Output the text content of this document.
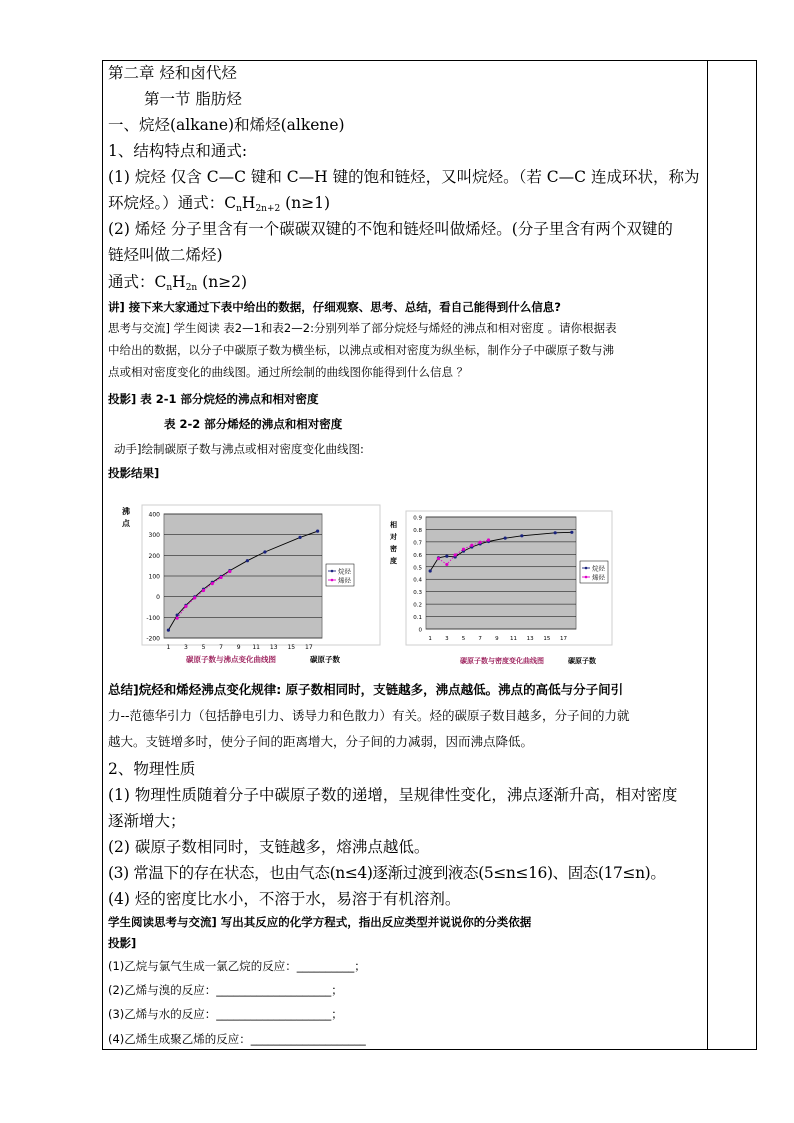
第二章 烃和卤代烃
第一节 脂肪烃
一、烷烃(alkane)和烯烃(alkene)
1、结构特点和通式:
(1) 烷烃 仅含 C—C 键和 C—H 键的饱和链烃，又叫烷烃。（若 C—C 连成环状，称为
环烷烃。）通式：$C_nH_{2n+2}$ (n≥1)
(2) 烯烃 分子里含有一个碳碳双键的不饱和链烃叫做烯烃。(分子里含有两个双键的
链烃叫做二烯烃)
通式：$C_nH_{2n}$ (n≥2)
讲] 接下来大家通过下表中给出的数据，仔细观察、思考、总结，看自己能得到什么信息?
思考与交流] 学生阅读 表2—1和表2—2:分别列举了部分烷烃与烯烃的沸点和相对密度 。请你根据表
中给出的数据，以分子中碳原子数为横坐标，以沸点或相对密度为纵坐标，制作分子中碳原子数与沸
点或相对密度变化的曲线图。通过所绘制的曲线图你能得到什么信息 ？
投影] 表 2-1 部分烷烃的沸点和相对密度
表 2-2 部分烯烃的沸点和相对密度
动手]绘制碳原子数与沸点或相对密度变化曲线图:
投影结果]
400
300
200
100
0
-100
-200
1 3 5 7 9 11 13 15 17
烷烃
烯烃
沸
点
碳原子数与沸点变化曲线图	碳原子数
0.9
0.8
0.7
0.6
0.5
0.4
0.3
0.2
0.1
0
1 3 5 7 9 11 13 15 17
烷烃
烯烃
相
对
密
度
碳原子数与密度变化曲线图	碳原子数
总结]烷烃和烯烃沸点变化规律: 原子数相同时，支链越多，沸点越低。沸点的高低与分子间引
力--范德华引力（包括静电引力、诱导力和色散力）有关。烃的碳原子数目越多，分子间的力就
越大。支链增多时，使分子间的距离增大，分子间的力减弱，因而沸点降低。
2、物理性质
(1) 物理性质随着分子中碳原子数的递增，呈规律性变化，沸点逐渐升高，相对密度
逐渐增大；
(2) 碳原子数相同时，支链越多，熔沸点越低。
(3) 常温下的存在状态，也由气态(n≤4)逐渐过渡到液态(5≤n≤16)、固态(17≤n)。
(4) 烃的密度比水小，不溶于水，易溶于有机溶剂。
学生阅读思考与交流] 写出其反应的化学方程式，指出反应类型并说说你的分类依据
投影]
(1)乙烷与氯气生成一氯乙烷的反应：__________；
(2)乙烯与溴的反应：____________________；
(3)乙烯与水的反应：____________________；
(4)乙烯生成聚乙烯的反应：____________________
